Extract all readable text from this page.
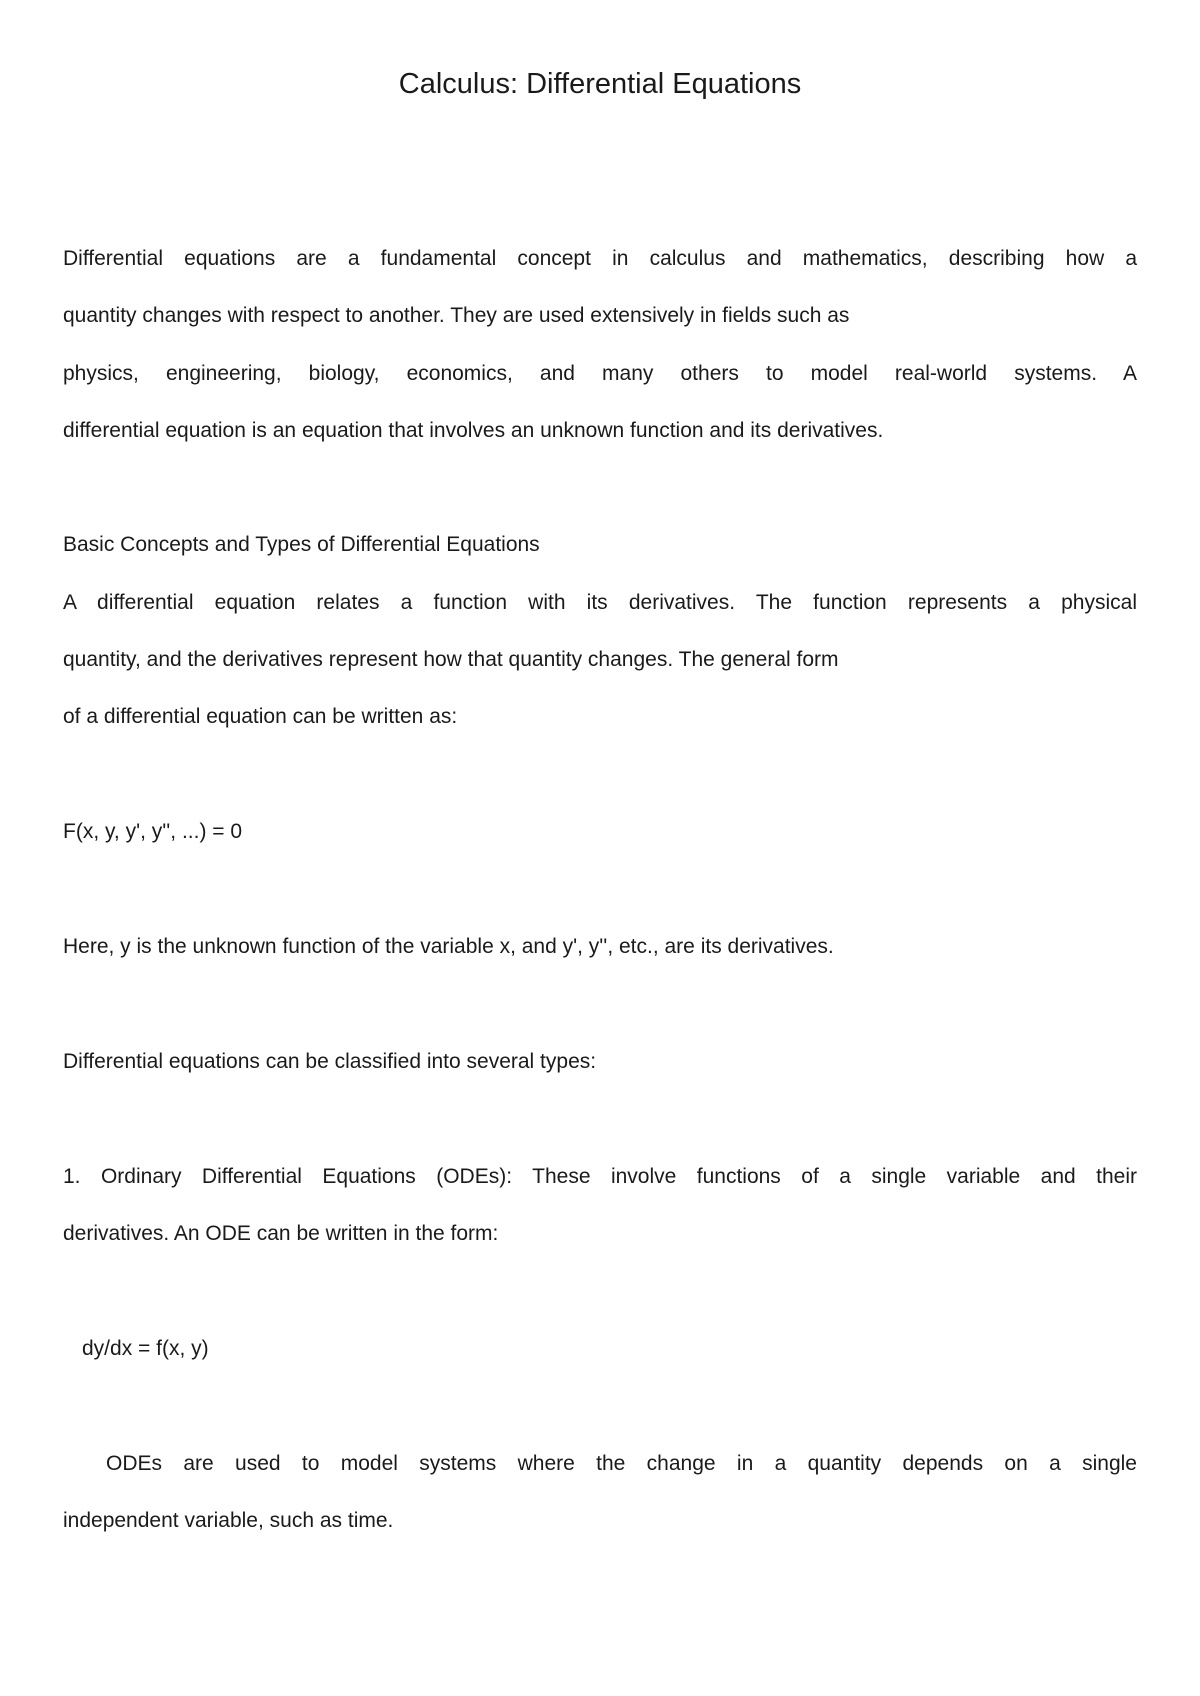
Calculus: Differential Equations
Differential equations are a fundamental concept in calculus and mathematics, describing how a
quantity changes with respect to another. They are used extensively in fields such as
physics, engineering, biology, economics, and many others to model real-world systems. A
differential equation is an equation that involves an unknown function and its derivatives.
Basic Concepts and Types of Differential Equations
A differential equation relates a function with its derivatives. The function represents a physical
quantity, and the derivatives represent how that quantity changes. The general form
of a differential equation can be written as:
F(x, y, y', y'', ...) = 0
Here, y is the unknown function of the variable x, and y', y'', etc., are its derivatives.
Differential equations can be classified into several types:
1. Ordinary Differential Equations (ODEs): These involve functions of a single variable and their
derivatives. An ODE can be written in the form:
dy/dx = f(x, y)
ODEs are used to model systems where the change in a quantity depends on a single
independent variable, such as time.
